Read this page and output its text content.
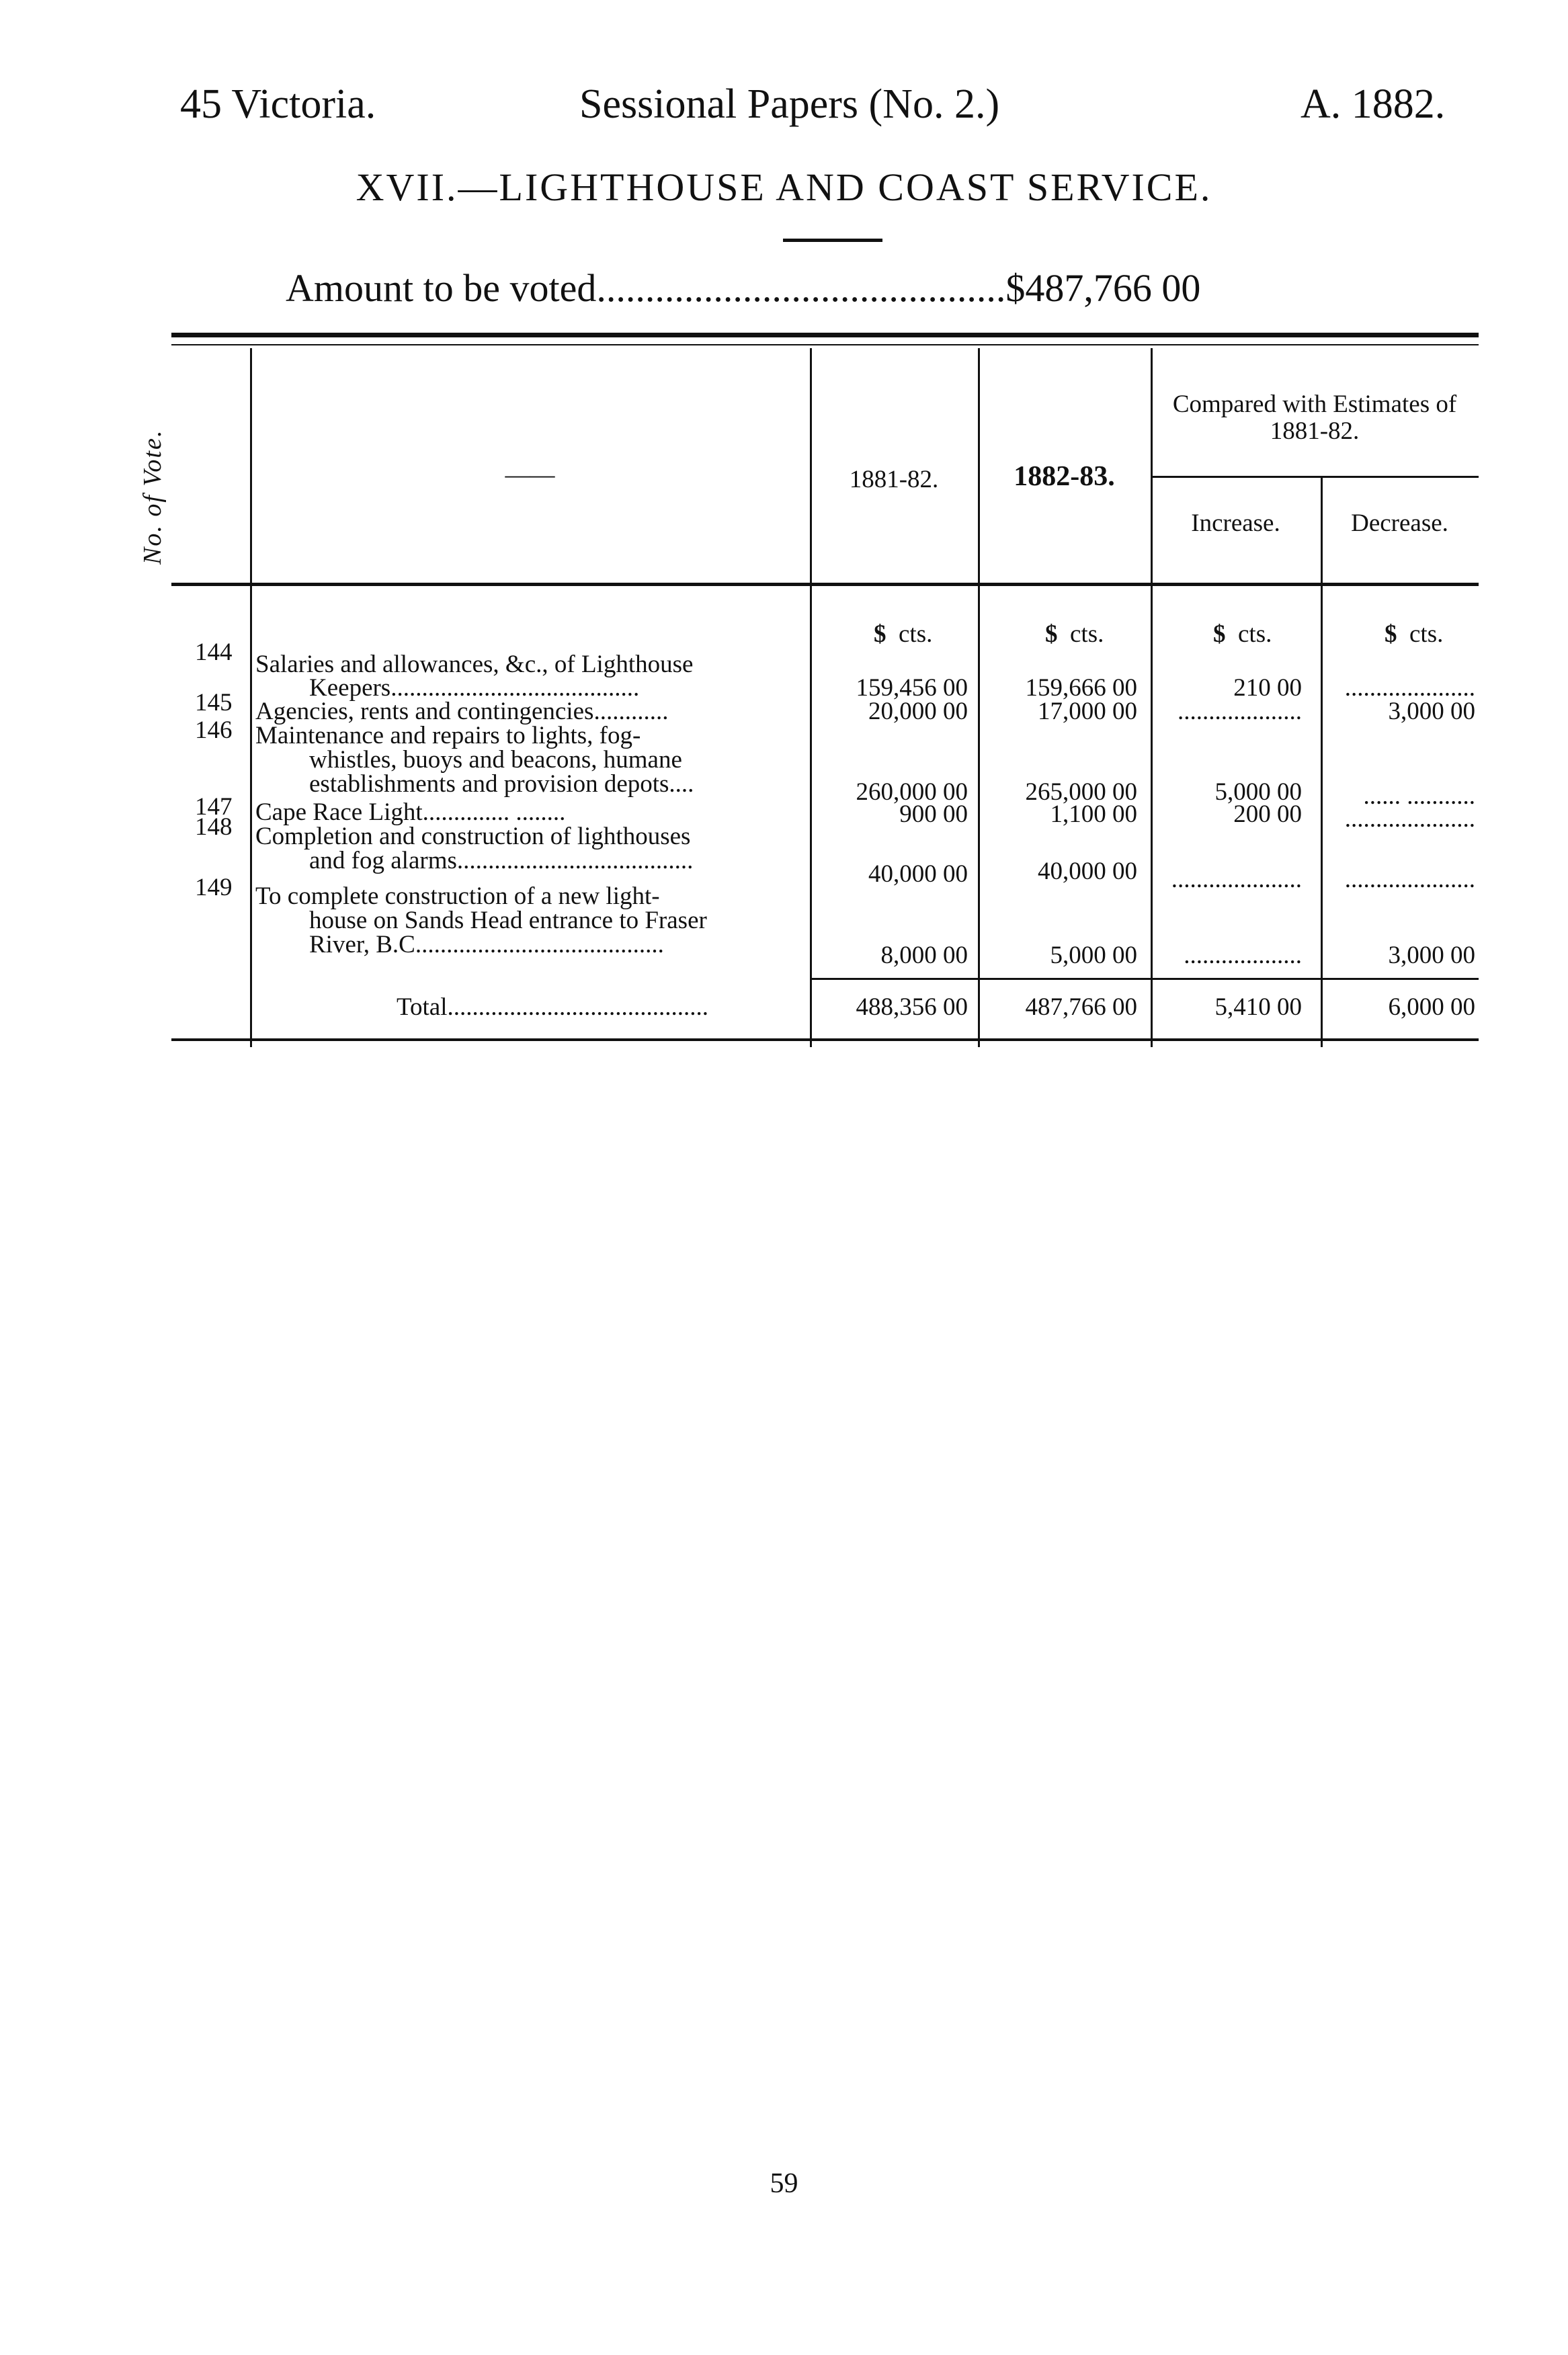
45 Victoria.	Sessional Papers (No. 2.)	A. 1882.
XVII.—LIGHTHOUSE AND COAST SERVICE.
Amount to be voted..........................................$487,766 00
No. of Vote.	——	1881-82.	1882-83.
Compared with Estimates of 1881-82.
Increase.	Decrease.
$ cts.	$ cts.	$ cts.	$ cts.
144 Salaries and allowances, &c., of Lighthouse
Keepers........................................	159,456 00	159,666 00	210 00	.....................
145 Agencies, rents and contingencies............	20,000 00	17,000 00	....................	3,000 00
146 Maintenance and repairs to lights, fog-
whistles, buoys and beacons, humane
establishments and provision depots....	260,000 00	265,000 00	5,000 00	...... ...........
147 Cape Race Light.............. ........	900 00	1,100 00	200 00	.....................
148 Completion and construction of lighthouses
and fog alarms......................................	40,000 00	40,000 00	.....................	.....................
149 To complete construction of a new light-
house on Sands Head entrance to Fraser
River, B.C........................................	8,000 00	5,000 00	...................	3,000 00
Total..........................................	488,356 00	487,766 00	5,410 00	6,000 00
59
